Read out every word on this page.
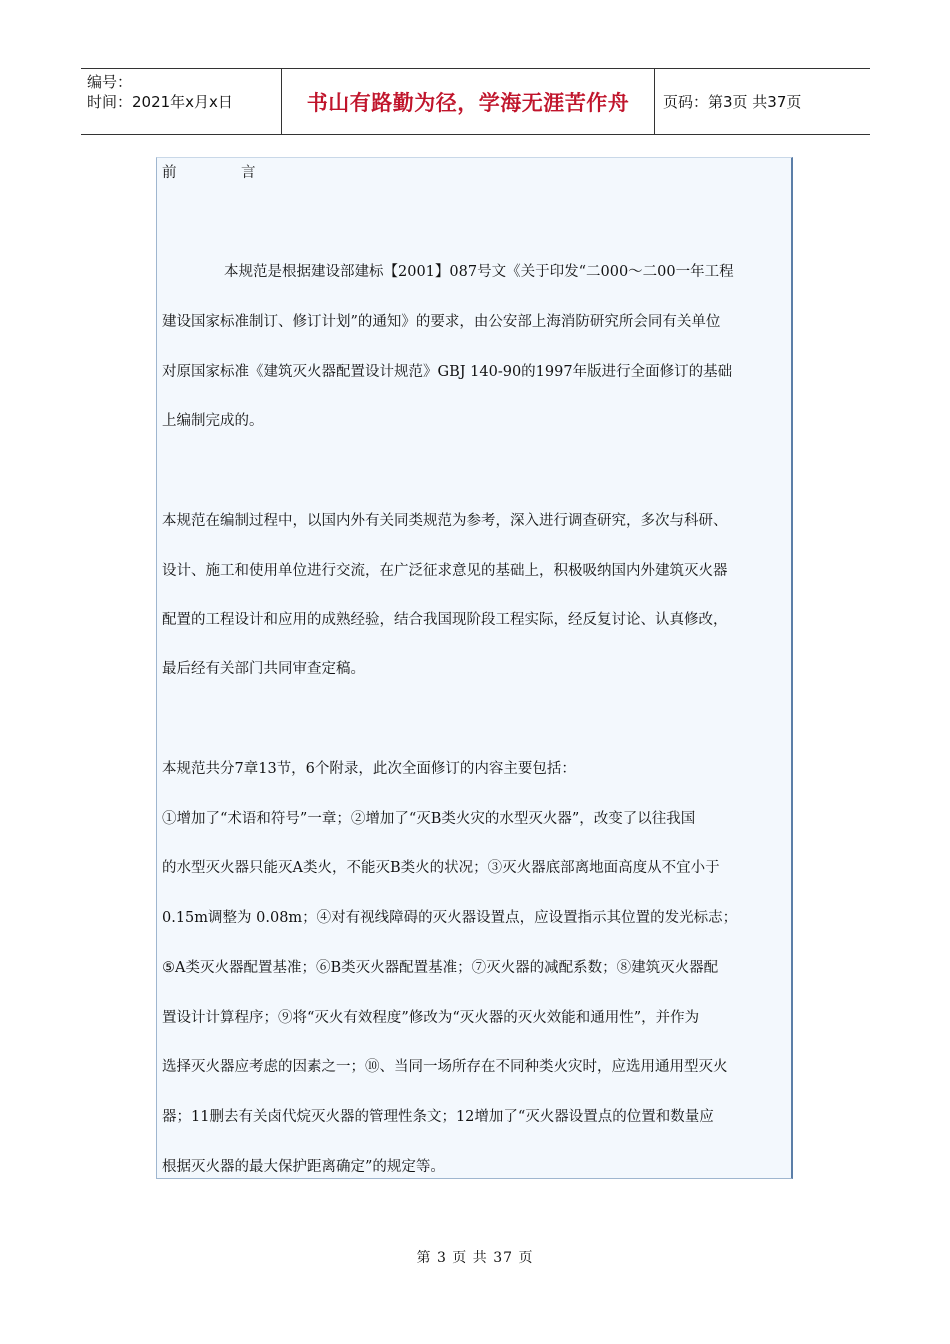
编号：
时间：2021年x月x日	书山有路勤为径，学海无涯苦作舟 页码：第3页 共37页
前	言
本规范是根据建设部建标【2001】087号文《关于印发“二000～二00一年工程
建设国家标准制订、修订计划”的通知》的要求，由公安部上海消防研究所会同有关单位
对原国家标准《建筑灭火器配置设计规范》GBJ 140-90的1997年版进行全面修订的基础
上编制完成的。
本规范在编制过程中，以国内外有关同类规范为参考，深入进行调查研究，多次与科研、
设计、施工和使用单位进行交流，在广泛征求意见的基础上，积极吸纳国内外建筑灭火器
配置的工程设计和应用的成熟经验，结合我国现阶段工程实际，经反复讨论、认真修改，
最后经有关部门共同审查定稿。
本规范共分7章13节，6个附录，此次全面修订的内容主要包括：
①增加了“术语和符号”一章；②增加了“灭B类火灾的水型灭火器”，改变了以往我国
的水型灭火器只能灭A类火，不能灭B类火的状况；③灭火器底部离地面高度从不宜小于
0.15m调整为 0.08m；④对有视线障碍的灭火器设置点，应设置指示其位置的发光标志；
⑤A类灭火器配置基准；⑥B类灭火器配置基准；⑦灭火器的减配系数；⑧建筑灭火器配
置设计计算程序；⑨将“灭火有效程度”修改为“灭火器的灭火效能和通用性”，并作为
选择灭火器应考虑的因素之一；⑩、当同一场所存在不同种类火灾时，应选用通用型灭火
器；11删去有关卤代烷灭火器的管理性条文；12增加了“灭火器设置点的位置和数量应
根据灭火器的最大保护距离确定”的规定等。
第 3 页 共 37 页
